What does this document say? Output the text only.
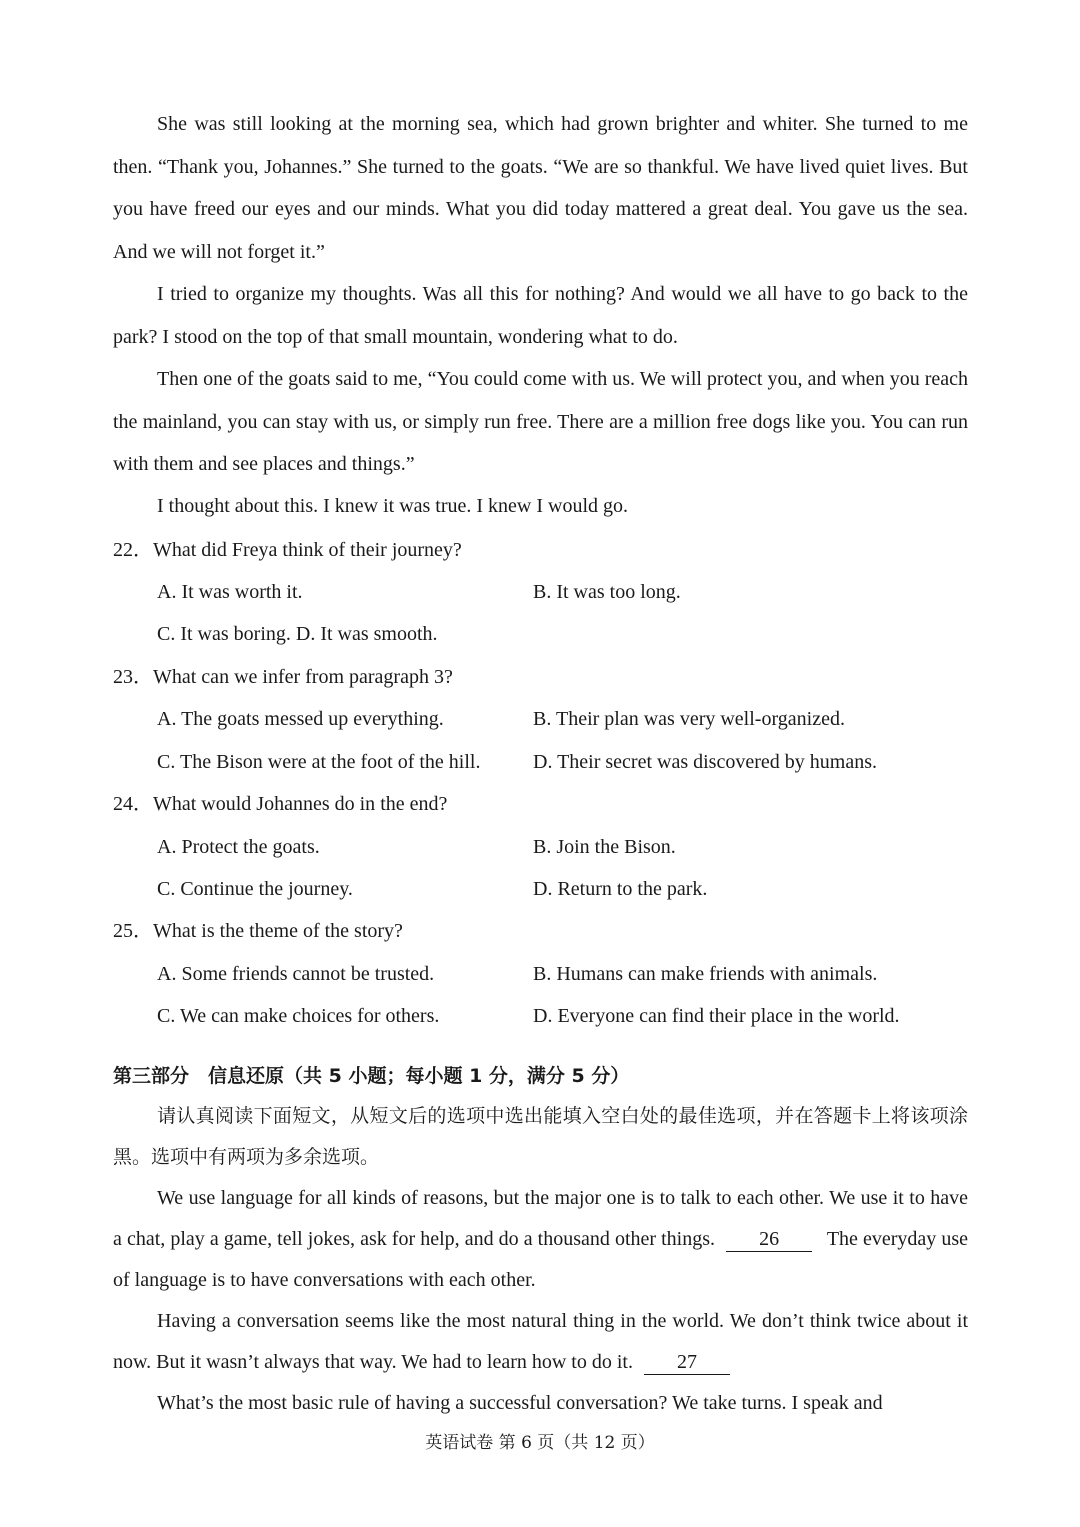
She was still looking at the morning sea, which had grown brighter and whiter. She turned to me then. “Thank you, Johannes.” She turned to the goats. “We are so thankful. We have lived quiet lives. But you have freed our eyes and our minds. What you did today mattered a great deal. You gave us the sea. And we will not forget it.”

I tried to organize my thoughts. Was all this for nothing? And would we all have to go back to the park? I stood on the top of that small mountain, wondering what to do.

Then one of the goats said to me, “You could come with us. We will protect you, and when you reach the mainland, you can stay with us, or simply run free. There are a million free dogs like you. You can run with them and see places and things.”

I thought about this. I knew it was true. I knew I would go.

22．What did Freya think of their journey?
A. It was worth it.	B. It was too long.
C. It was boring. D. It was smooth.
23．What can we infer from paragraph 3?
A. The goats messed up everything.	B. Their plan was very well-organized.
C. The Bison were at the foot of the hill.	D. Their secret was discovered by humans.
24．What would Johannes do in the end?
A. Protect the goats.	B. Join the Bison.
C. Continue the journey.	D. Return to the park.
25．What is the theme of the story?
A. Some friends cannot be trusted.	B. Humans can make friends with animals.
C. We can make choices for others.	D. Everyone can find their place in the world.
第三部分　信息还原（共 5 小题；每小题 1 分，满分 5 分）

请认真阅读下面短文，从短文后的选项中选出能填入空白处的最佳选项，并在答题卡上将该项涂黑。选项中有两项为多余选项。

We use language for all kinds of reasons, but the major one is to talk to each other. We use it to have a chat, play a game, tell jokes, ask for help, and do a thousand other things. 26 The everyday use of language is to have conversations with each other.

Having a conversation seems like the most natural thing in the world. We don’t think twice about it now. But it wasn’t always that way. We had to learn how to do it. 27

What’s the most basic rule of having a successful conversation? We take turns. I speak and

英语试卷 第 6 页（共 12 页）
